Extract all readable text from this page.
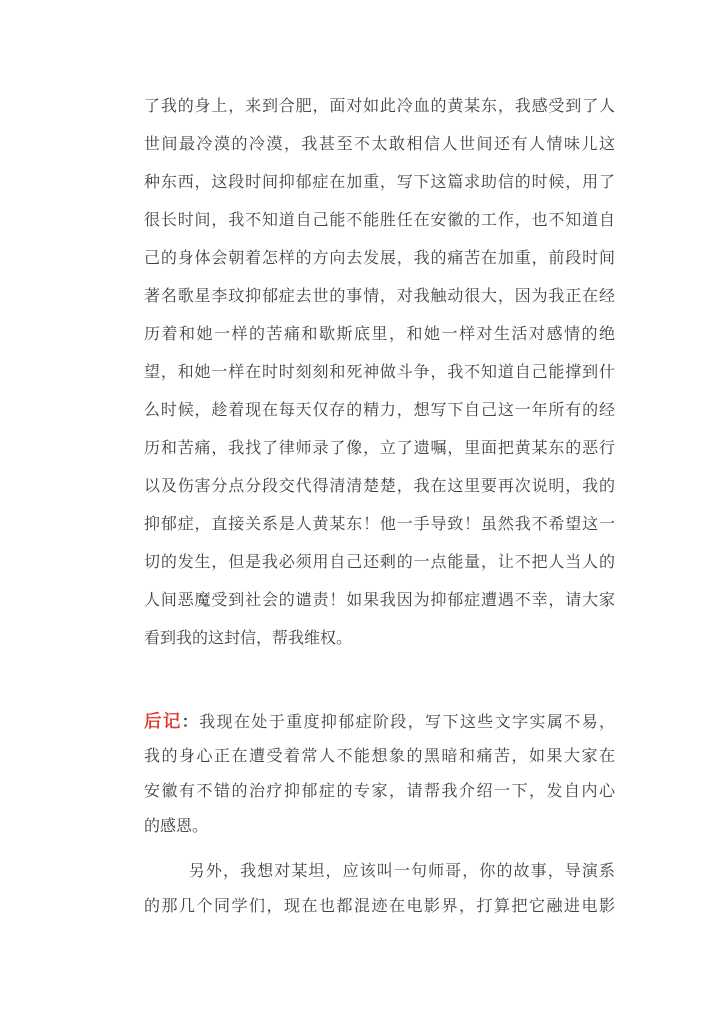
了我的身上，来到合肥，面对如此冷血的黄某东，我感受到了人
世间最冷漠的冷漠，我甚至不太敢相信人世间还有人情味儿这
种东西，这段时间抑郁症在加重，写下这篇求助信的时候，用了
很长时间，我不知道自己能不能胜任在安徽的工作，也不知道自
己的身体会朝着怎样的方向去发展，我的痛苦在加重，前段时间
著名歌星李玟抑郁症去世的事情，对我触动很大，因为我正在经
历着和她一样的苦痛和歇斯底里，和她一样对生活对感情的绝
望，和她一样在时时刻刻和死神做斗争，我不知道自己能撑到什
么时候，趁着现在每天仅存的精力，想写下自己这一年所有的经
历和苦痛，我找了律师录了像，立了遗嘱，里面把黄某东的恶行
以及伤害分点分段交代得清清楚楚，我在这里要再次说明，我的
抑郁症，直接关系是人黄某东！他一手导致！虽然我不希望这一
切的发生，但是我必须用自己还剩的一点能量，让不把人当人的
人间恶魔受到社会的谴责！如果我因为抑郁症遭遇不幸，请大家
看到我的这封信，帮我维权。
后记：我现在处于重度抑郁症阶段，写下这些文字实属不易，
我的身心正在遭受着常人不能想象的黑暗和痛苦，如果大家在
安徽有不错的治疗抑郁症的专家，请帮我介绍一下，发自内心
的感恩。
另外，我想对某坦，应该叫一句师哥，你的故事，导演系
的那几个同学们，现在也都混迹在电影界，打算把它融进电影
